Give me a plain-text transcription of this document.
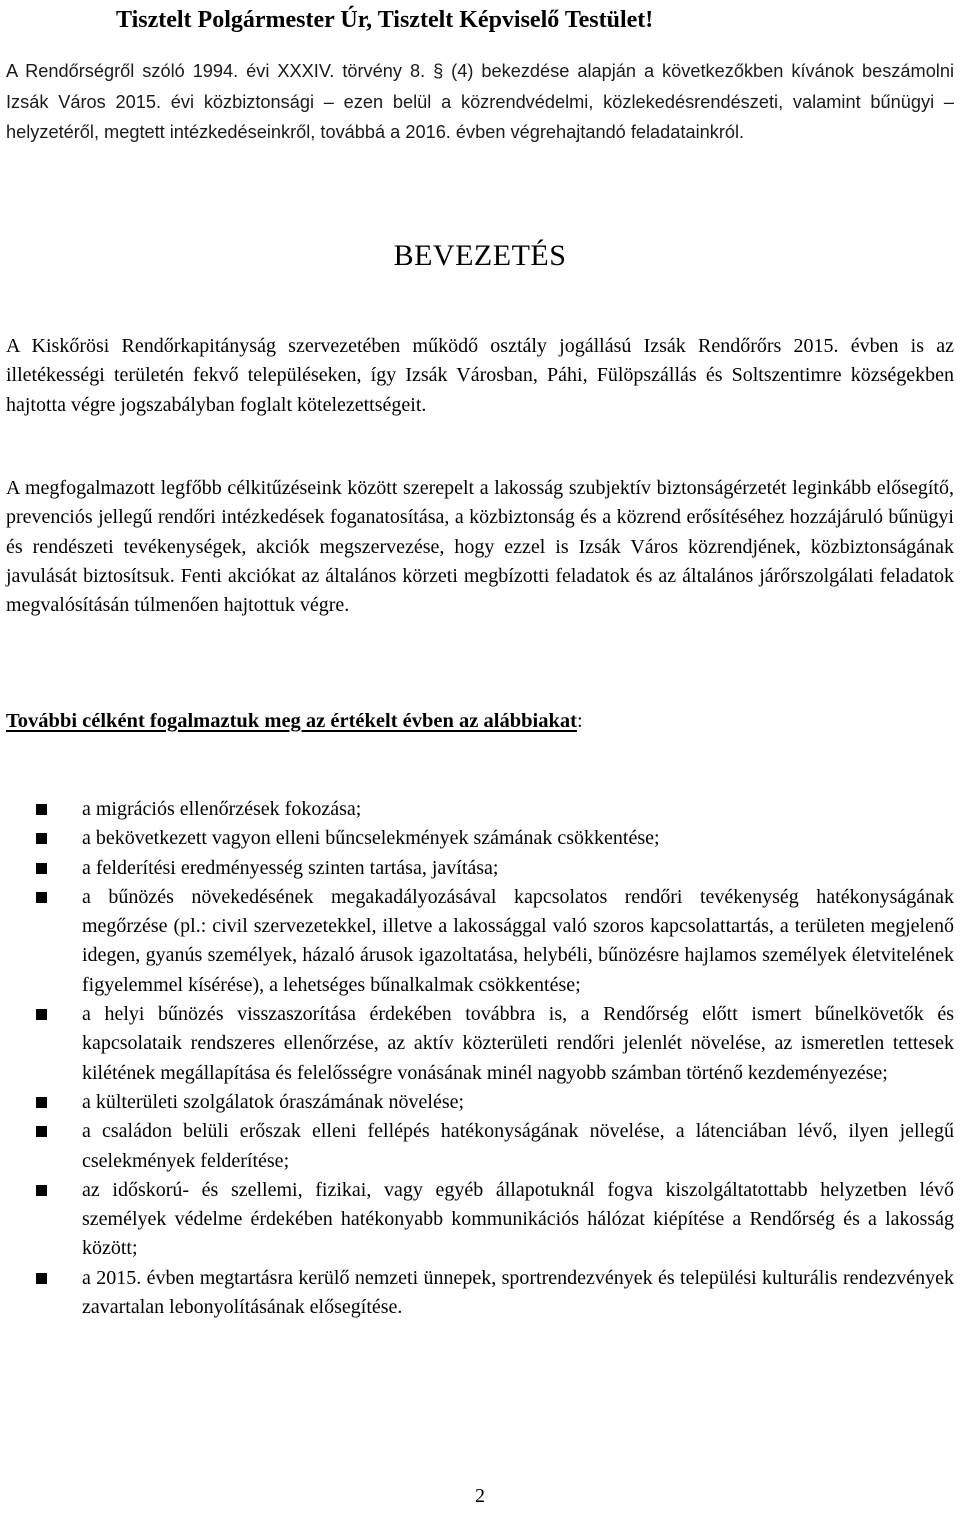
Tisztelt Polgármester Úr, Tisztelt Képviselő Testület!

A Rendőrségről szóló 1994. évi XXXIV. törvény 8. § (4) bekezdése alapján a következőkben kívánok beszámolni Izsák Város 2015. évi közbiztonsági – ezen belül a közrendvédelmi, közlekedésrendészeti, valamint bűnügyi – helyzetéről, megtett intézkedéseinkről, továbbá a 2016. évben végrehajtandó feladatainkról.

BEVEZETÉS

A Kiskőrösi Rendőrkapitányság szervezetében működő osztály jogállású Izsák Rendőrőrs 2015. évben is az illetékességi területén fekvő településeken, így Izsák Városban, Páhi, Fülöpszállás és Soltszentimre községekben hajtotta végre jogszabályban foglalt kötelezettségeit.

A megfogalmazott legfőbb célkitűzéseink között szerepelt a lakosság szubjektív biztonságérzetét leginkább elősegítő, prevenciós jellegű rendőri intézkedések foganatosítása, a közbiztonság és a közrend erősítéséhez hozzájáruló bűnügyi és rendészeti tevékenységek, akciók megszervezése, hogy ezzel is Izsák Város közrendjének, közbiztonságának javulását biztosítsuk. Fenti akciókat az általános körzeti megbízotti feladatok és az általános járőrszolgálati feladatok megvalósításán túlmenően hajtottuk végre.

További célként fogalmaztuk meg az értékelt évben az alábbiakat:

a migrációs ellenőrzések fokozása;
a bekövetkezett vagyon elleni bűncselekmények számának csökkentése;
a felderítési eredményesség szinten tartása, javítása;
a bűnözés növekedésének megakadályozásával kapcsolatos rendőri tevékenység hatékonyságának megőrzése (pl.: civil szervezetekkel, illetve a lakossággal való szoros kapcsolattartás, a területen megjelenő idegen, gyanús személyek, házaló árusok igazoltatása, helybéli, bűnözésre hajlamos személyek életvitelének figyelemmel kísérése), a lehetséges bűnalkalmak csökkentése;
a helyi bűnözés visszaszorítása érdekében továbbra is, a Rendőrség előtt ismert bűnelkövetők és kapcsolataik rendszeres ellenőrzése, az aktív közterületi rendőri jelenlét növelése, az ismeretlen tettesek kilétének megállapítása és felelősségre vonásának minél nagyobb számban történő kezdeményezése;
a külterületi szolgálatok óraszámának növelése;
a családon belüli erőszak elleni fellépés hatékonyságának növelése, a látenciában lévő, ilyen jellegű cselekmények felderítése;
az időskorú- és szellemi, fizikai, vagy egyéb állapotuknál fogva kiszolgáltatottabb helyzetben lévő személyek védelme érdekében hatékonyabb kommunikációs hálózat kiépítése a Rendőrség és a lakosság között;
a 2015. évben megtartásra kerülő nemzeti ünnepek, sportrendezvények és települési kulturális rendezvények zavartalan lebonyolításának elősegítése.

2
